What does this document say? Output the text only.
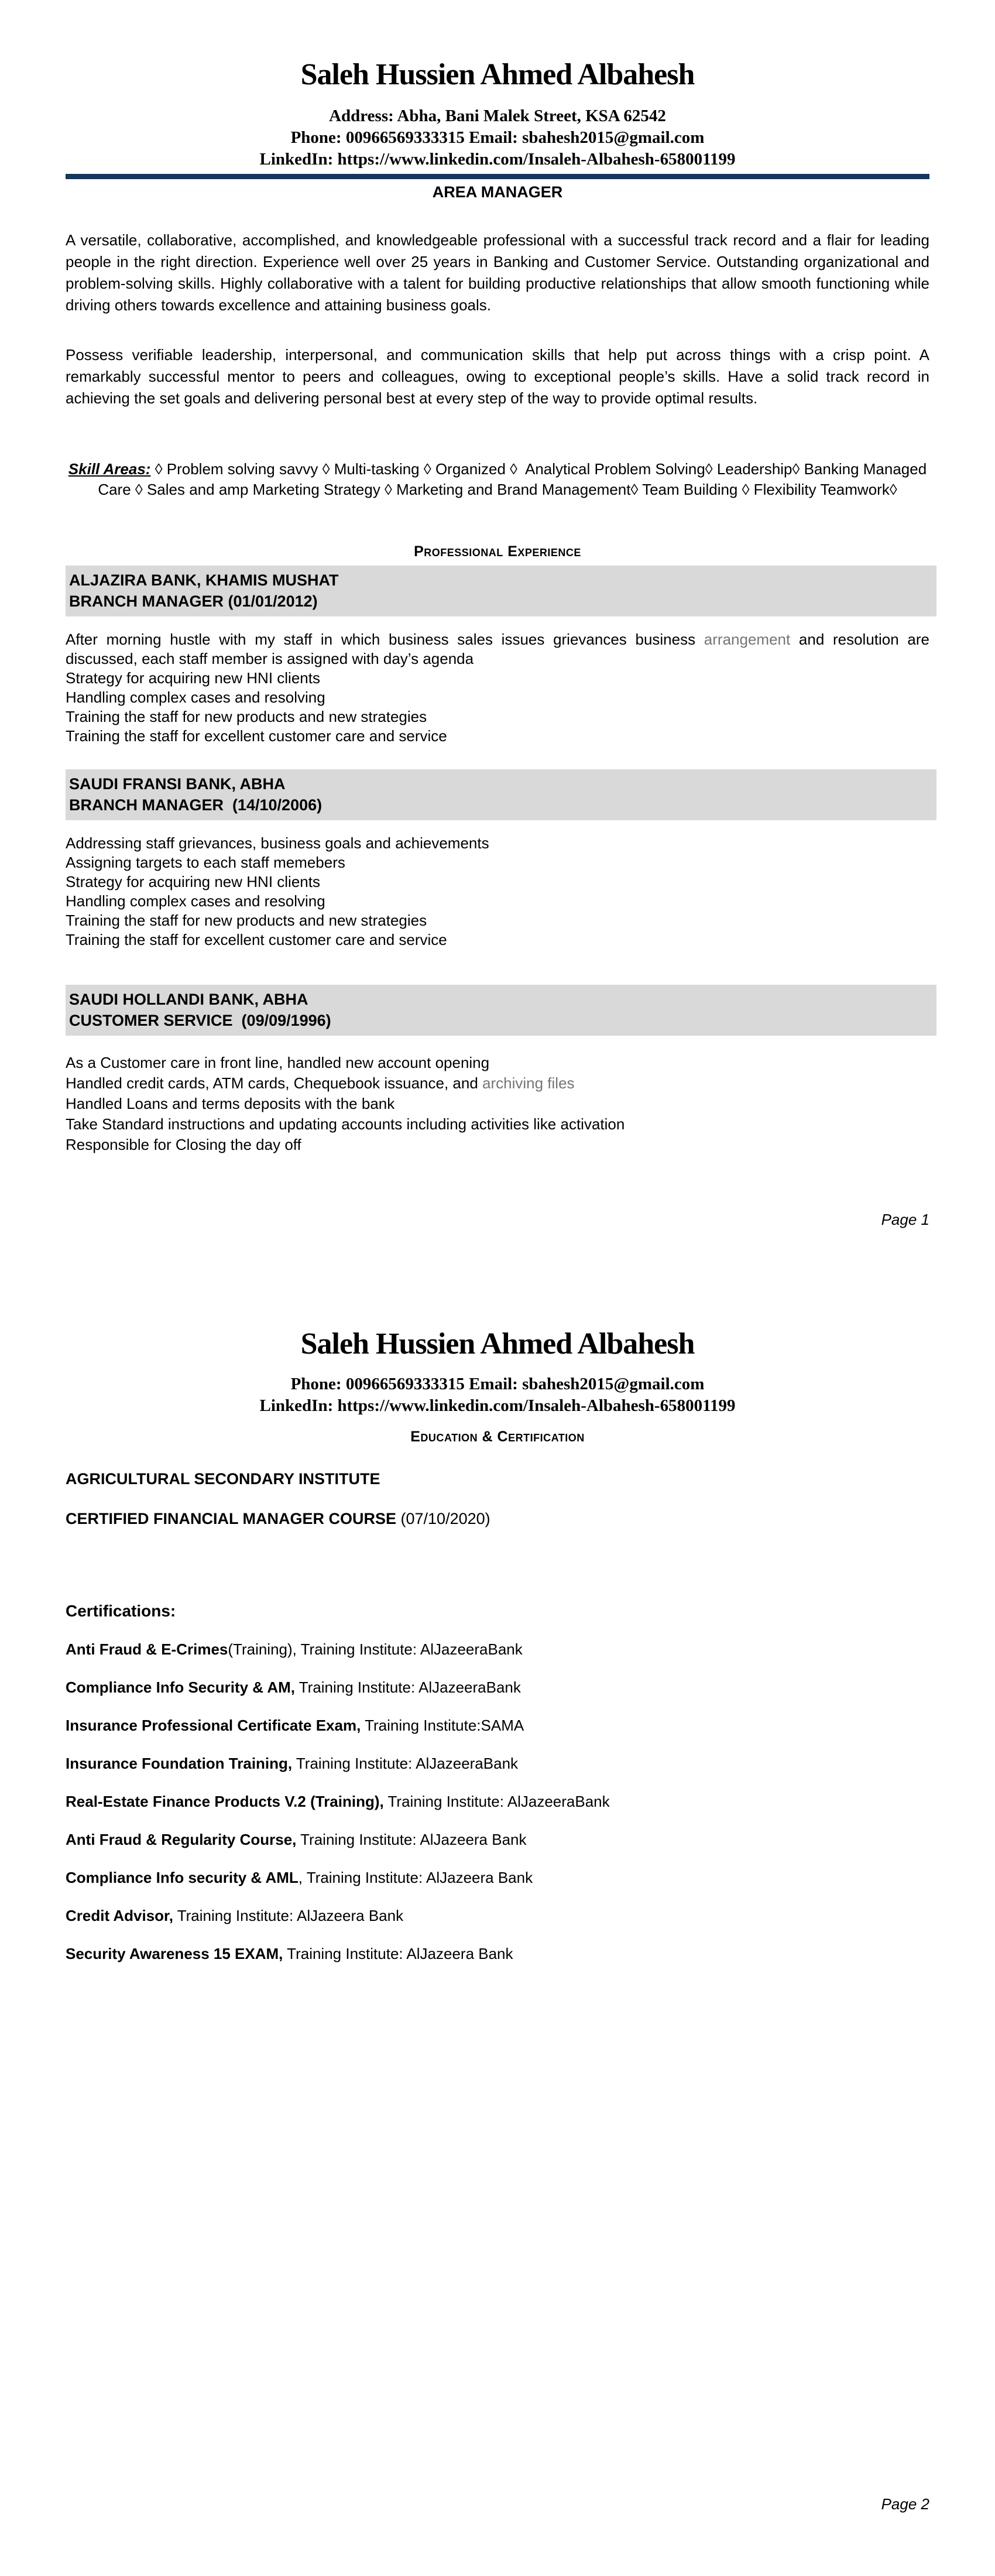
Saleh Hussien Ahmed Albahesh
Address: Abha, Bani Malek Street, KSA 62542
Phone: 00966569333315 Email: sbahesh2015@gmail.com
LinkedIn: https://www.linkedin.com/Insaleh-Albahesh-658001199
AREA MANAGER

A versatile, collaborative, accomplished, and knowledgeable professional with a successful track record and a flair for leading people in the right direction. Experience well over 25 years in Banking and Customer Service. Outstanding organizational and problem-solving skills. Highly collaborative with a talent for building productive relationships that allow smooth functioning while driving others towards excellence and attaining business goals.

Possess verifiable leadership, interpersonal, and communication skills that help put across things with a crisp point. A remarkably successful mentor to peers and colleagues, owing to exceptional people’s skills. Have a solid track record in achieving the set goals and delivering personal best at every step of the way to provide optimal results.

Skill Areas: ◊ Problem solving savvy ◊ Multi-tasking ◊ Organized ◊  Analytical Problem Solving◊ Leadership◊ Banking Managed Care ◊ Sales and amp Marketing Strategy ◊ Marketing and Brand Management◊ Team Building ◊ Flexibility Teamwork◊
Professional Experience
ALJAZIRA BANK, KHAMIS MUSHAT
BRANCH MANAGER (01/01/2012)
After morning hustle with my staff in which business sales issues grievances business arrangement and resolution are discussed, each staff member is assigned with day’s agenda
Strategy for acquiring new HNI clients
Handling complex cases and resolving
Training the staff for new products and new strategies
Training the staff for excellent customer care and service
SAUDI FRANSI BANK, ABHA
BRANCH MANAGER  (14/10/2006)
Addressing staff grievances, business goals and achievements
Assigning targets to each staff memebers
Strategy for acquiring new HNI clients
Handling complex cases and resolving
Training the staff for new products and new strategies
Training the staff for excellent customer care and service
SAUDI HOLLANDI BANK, ABHA
CUSTOMER SERVICE  (09/09/1996)
As a Customer care in front line, handled new account opening
Handled credit cards, ATM cards, Chequebook issuance, and archiving files
Handled Loans and terms deposits with the bank
Take Standard instructions and updating accounts including activities like activation
Responsible for Closing the day off
Page 1
Saleh Hussien Ahmed Albahesh
Phone: 00966569333315 Email: sbahesh2015@gmail.com
LinkedIn: https://www.linkedin.com/Insaleh-Albahesh-658001199
Education & Certification
AGRICULTURAL SECONDARY INSTITUTE
CERTIFIED FINANCIAL MANAGER COURSE (07/10/2020)
Certifications:
Anti Fraud & E-Crimes(Training), Training Institute: AlJazeeraBank
Compliance Info Security & AM, Training Institute: AlJazeeraBank
Insurance Professional Certificate Exam, Training Institute:SAMA
Insurance Foundation Training, Training Institute: AlJazeeraBank
Real-Estate Finance Products V.2 (Training), Training Institute: AlJazeeraBank
Anti Fraud & Regularity Course, Training Institute: AlJazeera Bank
Compliance Info security & AML, Training Institute: AlJazeera Bank
Credit Advisor, Training Institute: AlJazeera Bank
Security Awareness 15 EXAM, Training Institute: AlJazeera Bank
Page 2
